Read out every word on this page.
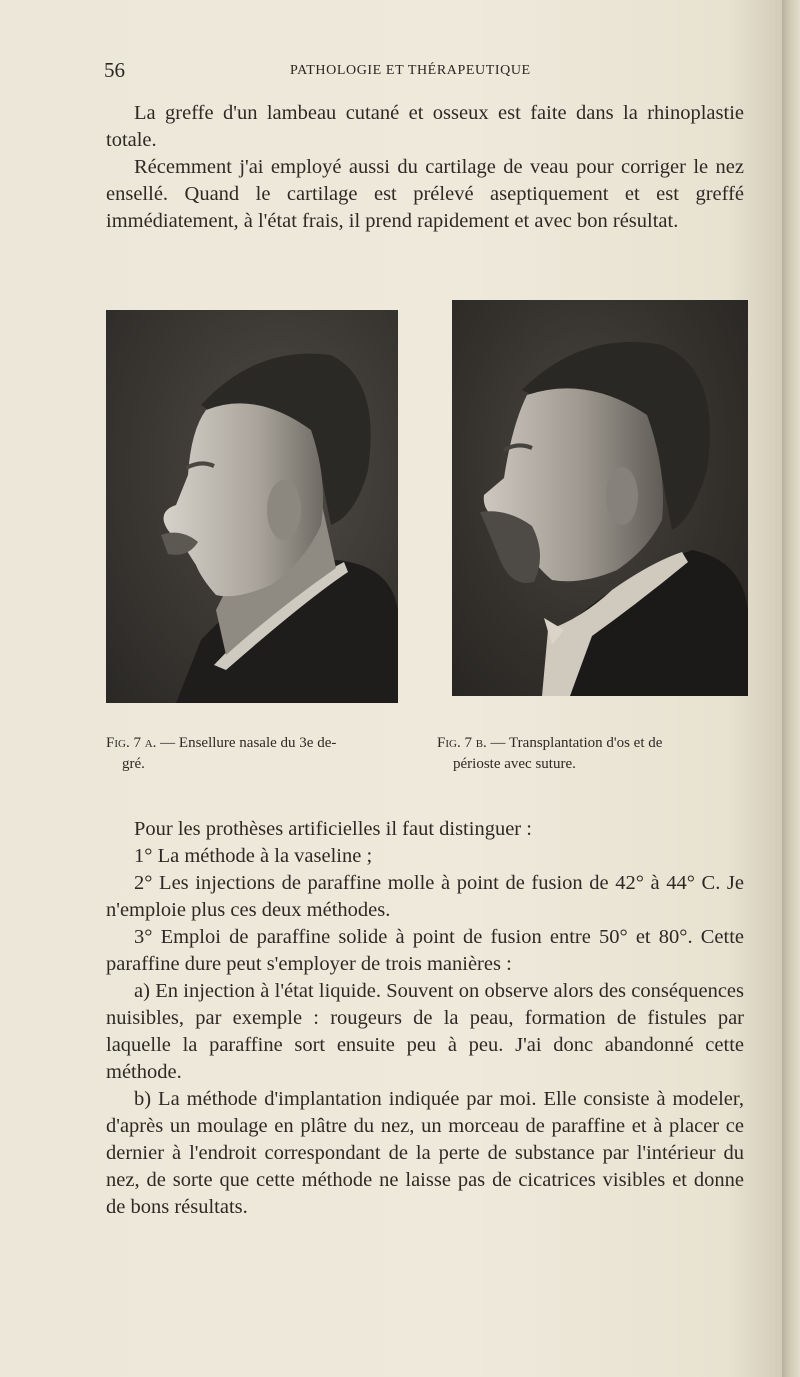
56	PATHOLOGIE ET THÉRAPEUTIQUE

La greffe d'un lambeau cutané et osseux est faite dans la rhinoplastie totale.

Récemment j'ai employé aussi du cartilage de veau pour corriger le nez ensellé. Quand le cartilage est prélevé aseptiquement et est greffé immédiatement, à l'état frais, il prend rapidement et avec bon résultat.

Fig. 7 a. — Ensellure nasale du 3e de-
gré.
Fig. 7 b. — Transplantation d'os et de
périoste avec suture.

Pour les prothèses artificielles il faut distinguer :

1° La méthode à la vaseline ;

2° Les injections de paraffine molle à point de fusion de 42° à 44° C. Je n'emploie plus ces deux méthodes.

3° Emploi de paraffine solide à point de fusion entre 50° et 80°. Cette paraffine dure peut s'employer de trois manières :

a) En injection à l'état liquide. Souvent on observe alors des conséquences nuisibles, par exemple : rougeurs de la peau, formation de fistules par laquelle la paraffine sort ensuite peu à peu. J'ai donc abandonné cette méthode.

b) La méthode d'implantation indiquée par moi. Elle consiste à modeler, d'après un moulage en plâtre du nez, un morceau de paraffine et à placer ce dernier à l'endroit correspondant de la perte de substance par l'intérieur du nez, de sorte que cette méthode ne laisse pas de cicatrices visibles et donne de bons résultats.
